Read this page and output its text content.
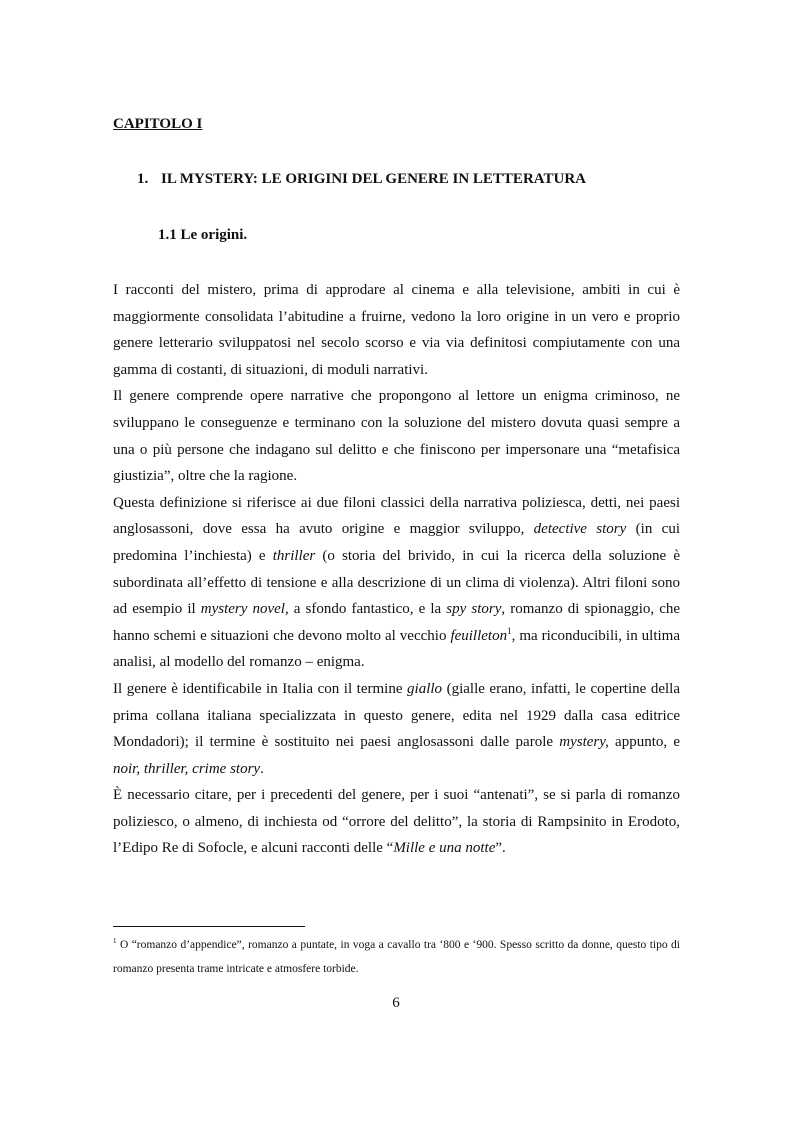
CAPITOLO I
1. IL MYSTERY: LE ORIGINI DEL GENERE IN LETTERATURA
1.1 Le origini.

I racconti del mistero, prima di approdare al cinema e alla televisione, ambiti in cui è maggiormente consolidata l’abitudine a fruirne, vedono la loro origine in un vero e proprio genere letterario sviluppatosi nel secolo scorso e via via definitosi compiutamente con una gamma di costanti, di situazioni, di moduli narrativi.

Il genere comprende opere narrative che propongono al lettore un enigma criminoso, ne sviluppano le conseguenze e terminano con la soluzione del mistero dovuta quasi sempre a una o più persone che indagano sul delitto e che finiscono per impersonare una “metafisica giustizia”, oltre che la ragione.

Questa definizione si riferisce ai due filoni classici della narrativa poliziesca, detti, nei paesi anglosassoni, dove essa ha avuto origine e maggior sviluppo, detective story (in cui predomina l’inchiesta) e thriller (o storia del brivido, in cui la ricerca della soluzione è subordinata all’effetto di tensione e alla descrizione di un clima di violenza). Altri filoni sono ad esempio il mystery novel, a sfondo fantastico, e la spy story, romanzo di spionaggio, che hanno schemi e situazioni che devono molto al vecchio feuilleton$^1$, ma riconducibili, in ultima analisi, al modello del romanzo – enigma.

Il genere è identificabile in Italia con il termine giallo (gialle erano, infatti, le copertine della prima collana italiana specializzata in questo genere, edita nel 1929 dalla casa editrice Mondadori); il termine è sostituito nei paesi anglosassoni dalle parole mystery, appunto, e noir, thriller, crime story.

È necessario citare, per i precedenti del genere, per i suoi “antenati”, se si parla di romanzo poliziesco, o almeno, di inchiesta od “orrore del delitto”, la storia di Rampsinito in Erodoto, l’Edipo Re di Sofocle, e alcuni racconti delle “Mille e una notte”.

$^1$ O “romanzo d’appendice”, romanzo a puntate, in voga a cavallo tra ‘800 e ‘900. Spesso scritto da donne, questo tipo di romanzo presenta trame intricate e atmosfere torbide.

6
